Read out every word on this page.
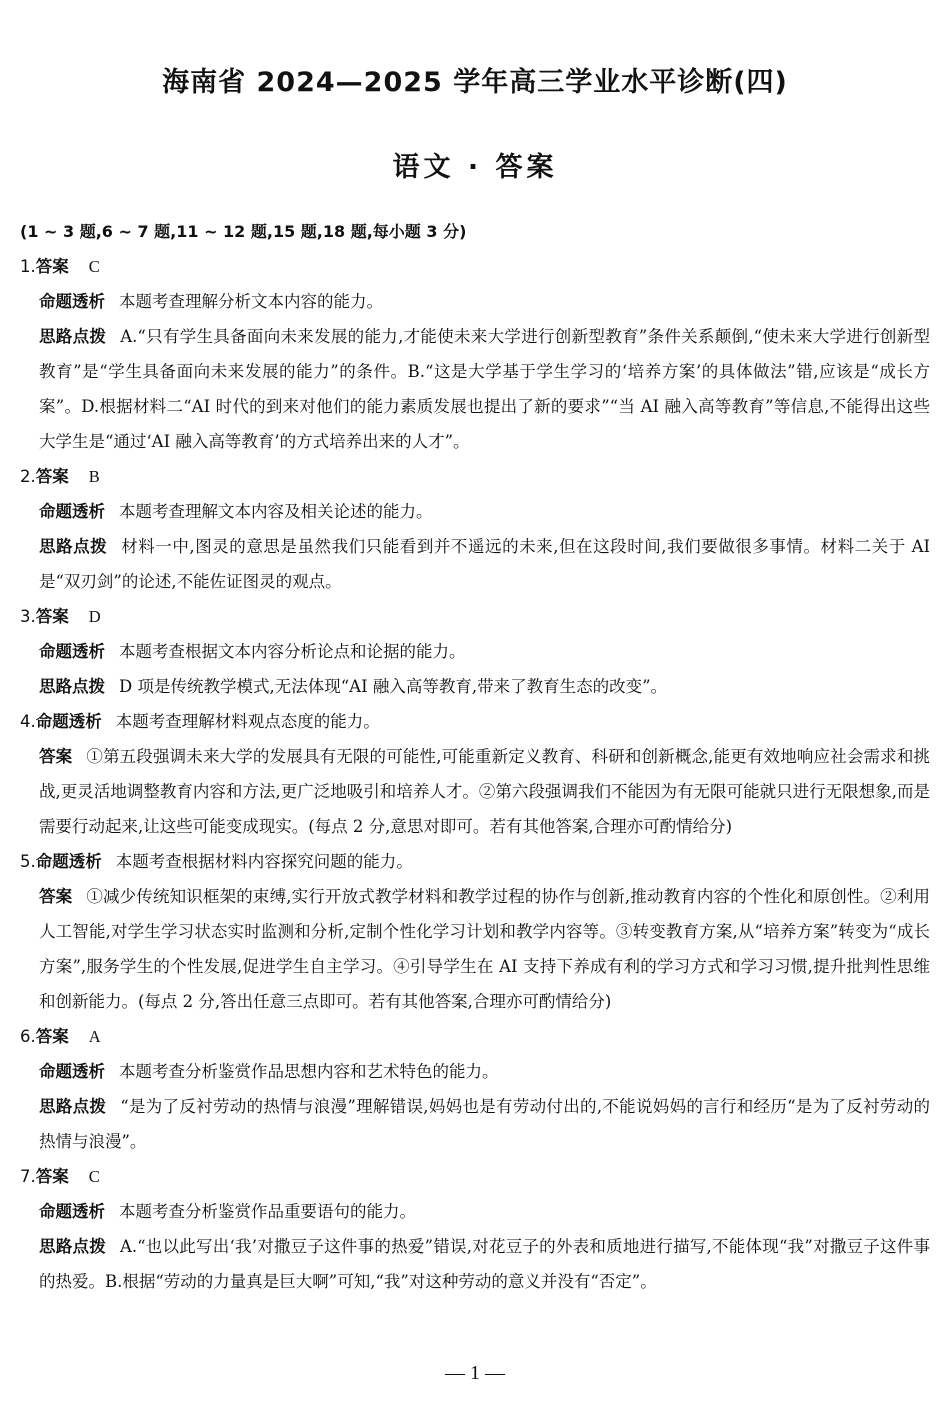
海南省 2024—2025 学年高三学业水平诊断(四)
语文 · 答案
(1 ~ 3 题,6 ~ 7 题,11 ~ 12 题,15 题,18 题,每小题 3 分)

1.答案 C

命题透析 本题考查理解分析文本内容的能力。

思路点拨 A.“只有学生具备面向未来发展的能力,才能使未来大学进行创新型教育”条件关系颠倒,“使未来大学进行创新型教育”是“学生具备面向未来发展的能力”的条件。B.“这是大学基于学生学习的‘培养方案’的具体做法”错,应该是“成长方案”。D.根据材料二“AI 时代的到来对他们的能力素质发展也提出了新的要求”“当 AI 融入高等教育”等信息,不能得出这些大学生是“通过‘AI 融入高等教育’的方式培养出来的人才”。

2.答案 B

命题透析 本题考查理解文本内容及相关论述的能力。

思路点拨 材料一中,图灵的意思是虽然我们只能看到并不遥远的未来,但在这段时间,我们要做很多事情。材料二关于 AI 是“双刃剑”的论述,不能佐证图灵的观点。

3.答案 D

命题透析 本题考查根据文本内容分析论点和论据的能力。

思路点拨 D 项是传统教学模式,无法体现“AI 融入高等教育,带来了教育生态的改变”。

4.命题透析 本题考查理解材料观点态度的能力。

答案 ①第五段强调未来大学的发展具有无限的可能性,可能重新定义教育、科研和创新概念,能更有效地响应社会需求和挑战,更灵活地调整教育内容和方法,更广泛地吸引和培养人才。②第六段强调我们不能因为有无限可能就只进行无限想象,而是需要行动起来,让这些可能变成现实。(每点 2 分,意思对即可。若有其他答案,合理亦可酌情给分)

5.命题透析 本题考查根据材料内容探究问题的能力。

答案 ①减少传统知识框架的束缚,实行开放式教学材料和教学过程的协作与创新,推动教育内容的个性化和原创性。②利用人工智能,对学生学习状态实时监测和分析,定制个性化学习计划和教学内容等。③转变教育方案,从“培养方案”转变为“成长方案”,服务学生的个性发展,促进学生自主学习。④引导学生在 AI 支持下养成有利的学习方式和学习习惯,提升批判性思维和创新能力。(每点 2 分,答出任意三点即可。若有其他答案,合理亦可酌情给分)

6.答案 A

命题透析 本题考查分析鉴赏作品思想内容和艺术特色的能力。

思路点拨 “是为了反衬劳动的热情与浪漫”理解错误,妈妈也是有劳动付出的,不能说妈妈的言行和经历“是为了反衬劳动的热情与浪漫”。

7.答案 C

命题透析 本题考查分析鉴赏作品重要语句的能力。

思路点拨 A.“也以此写出‘我’对撒豆子这件事的热爱”错误,对花豆子的外表和质地进行描写,不能体现“我”对撒豆子这件事的热爱。B.根据“劳动的力量真是巨大啊”可知,“我”对这种劳动的意义并没有“否定”。

— 1 —
